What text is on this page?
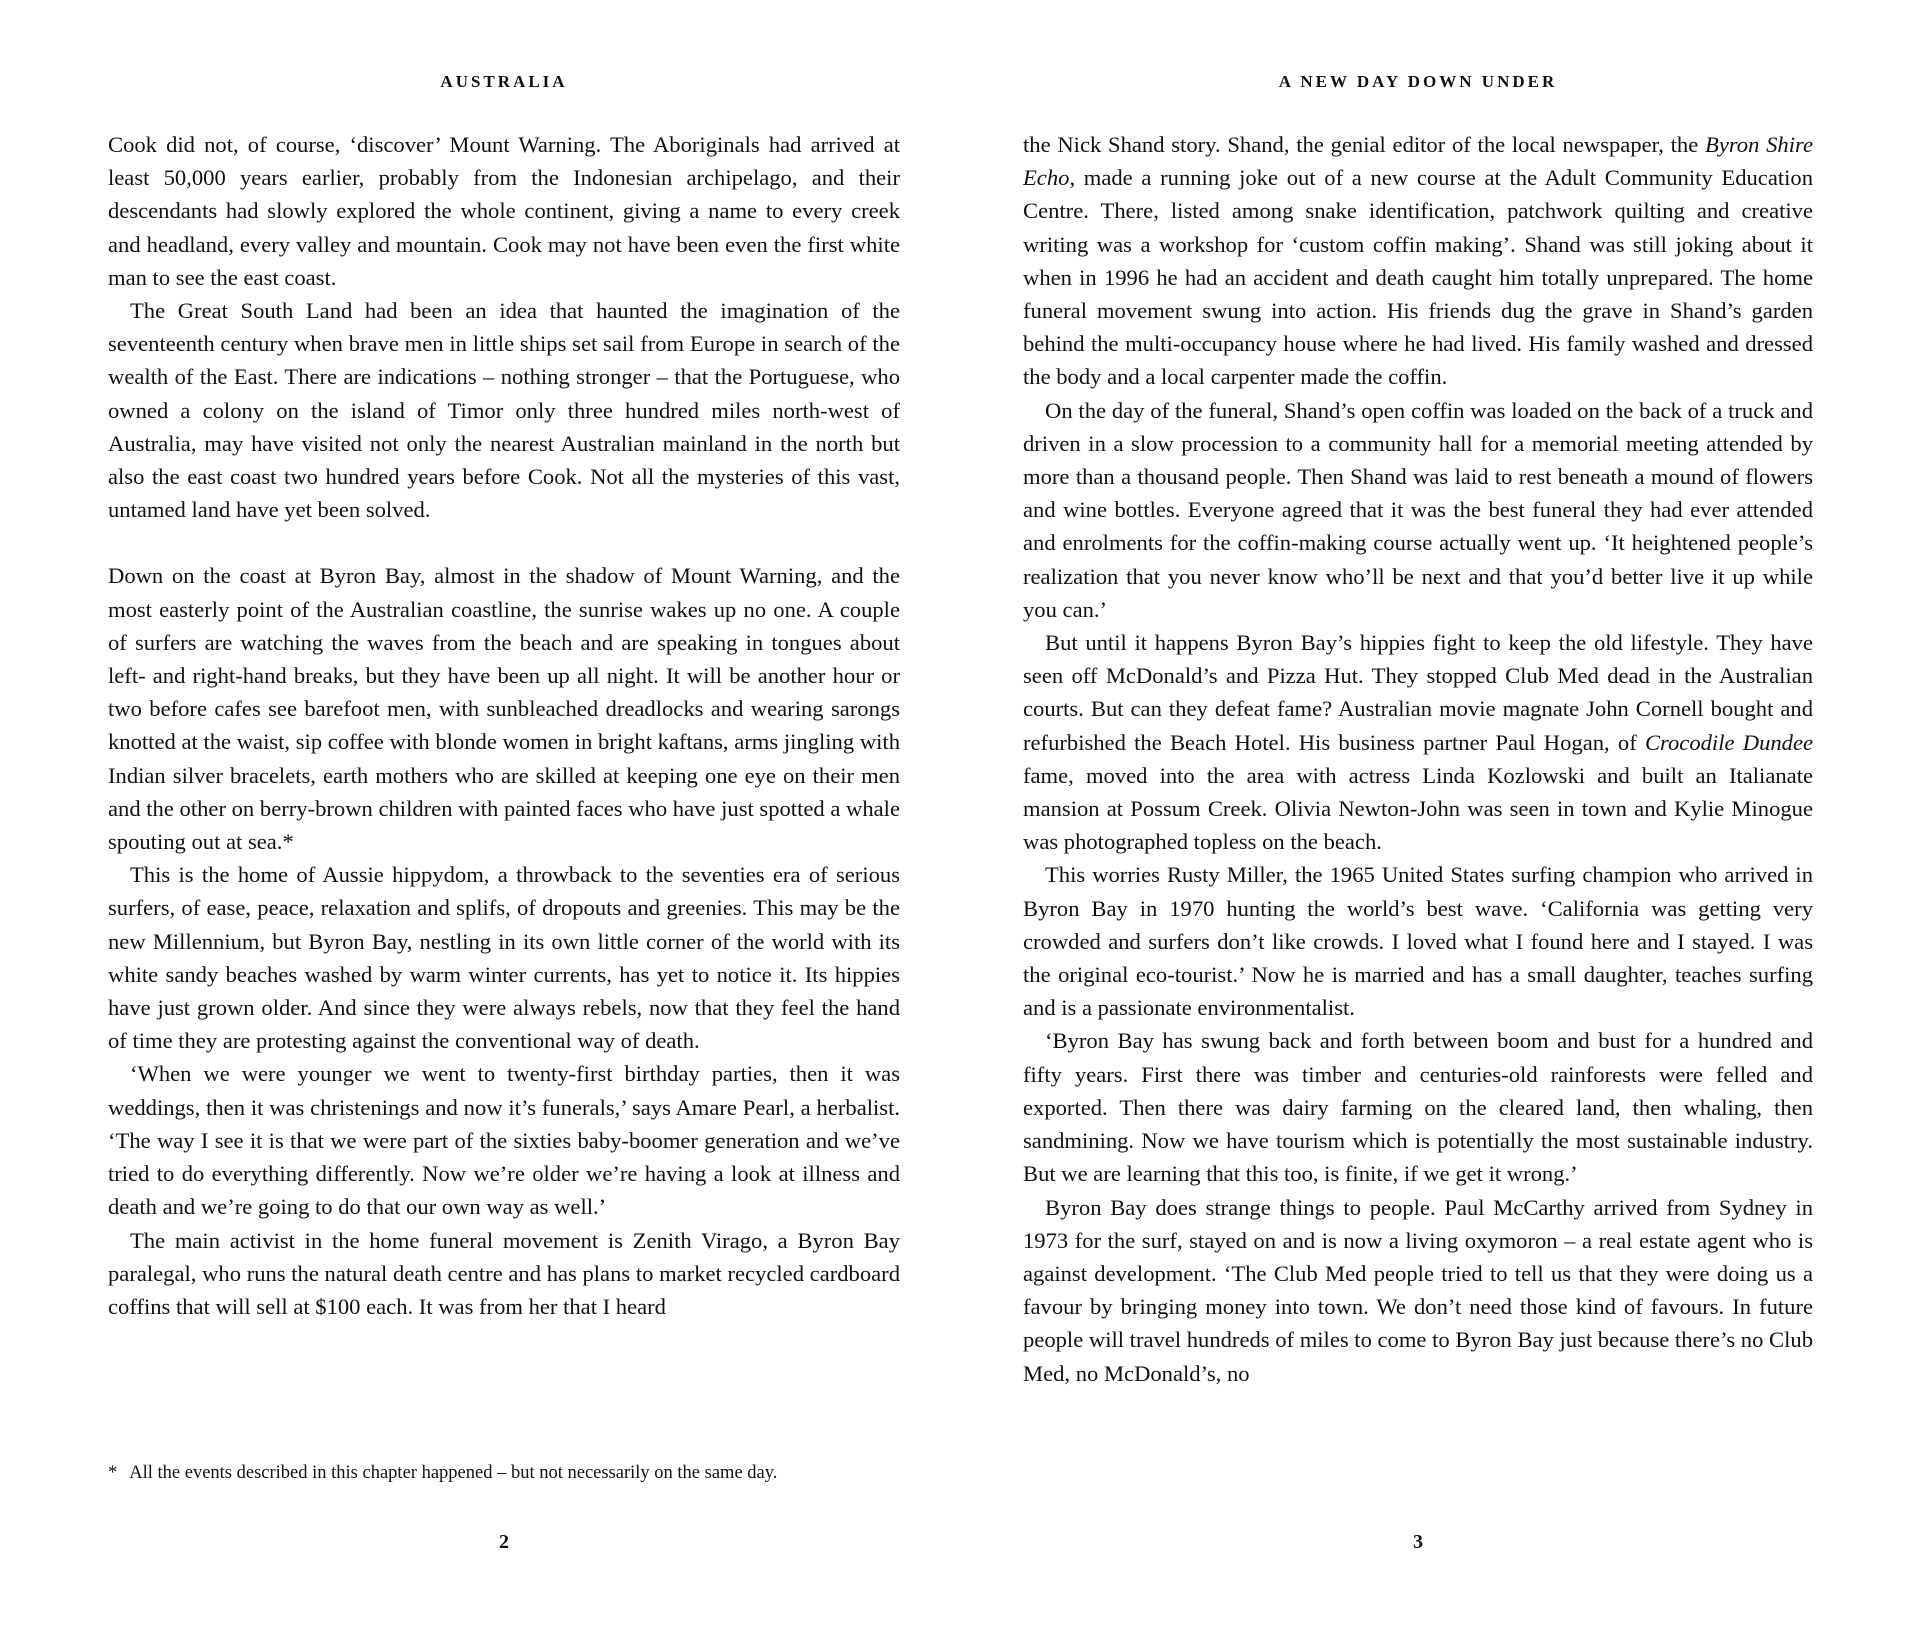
AUSTRALIA

Cook did not, of course, ‘discover’ Mount Warning. The Aboriginals had arrived at least 50,000 years earlier, probably from the Indonesian archipelago, and their descendants had slowly explored the whole continent, giving a name to every creek and headland, every valley and mountain. Cook may not have been even the first white man to see the east coast.

The Great South Land had been an idea that haunted the imagination of the seventeenth century when brave men in little ships set sail from Europe in search of the wealth of the East. There are indications – nothing stronger – that the Portuguese, who owned a colony on the island of Timor only three hundred miles north-west of Australia, may have visited not only the nearest Australian mainland in the north but also the east coast two hundred years before Cook. Not all the mysteries of this vast, untamed land have yet been solved.

Down on the coast at Byron Bay, almost in the shadow of Mount Warning, and the most easterly point of the Australian coastline, the sunrise wakes up no one. A couple of surfers are watching the waves from the beach and are speaking in tongues about left- and right-hand breaks, but they have been up all night. It will be another hour or two before cafes see barefoot men, with sunbleached dreadlocks and wearing sarongs knotted at the waist, sip coffee with blonde women in bright kaftans, arms jingling with Indian silver bracelets, earth mothers who are skilled at keeping one eye on their men and the other on berry-brown children with painted faces who have just spotted a whale spouting out at sea.*

This is the home of Aussie hippydom, a throwback to the seventies era of serious surfers, of ease, peace, relaxation and splifs, of dropouts and greenies. This may be the new Millennium, but Byron Bay, nestling in its own little corner of the world with its white sandy beaches washed by warm winter currents, has yet to notice it. Its hippies have just grown older. And since they were always rebels, now that they feel the hand of time they are protesting against the conventional way of death.

‘When we were younger we went to twenty-first birthday parties, then it was weddings, then it was christenings and now it’s funerals,’ says Amare Pearl, a herbalist. ‘The way I see it is that we were part of the sixties baby-boomer generation and we’ve tried to do everything differently. Now we’re older we’re having a look at illness and death and we’re going to do that our own way as well.’

The main activist in the home funeral movement is Zenith Virago, a Byron Bay paralegal, who runs the natural death centre and has plans to market recycled cardboard coffins that will sell at $100 each. It was from her that I heard

* All the events described in this chapter happened – but not necessarily on the same day.
2
A NEW DAY DOWN UNDER

the Nick Shand story. Shand, the genial editor of the local newspaper, the Byron Shire Echo, made a running joke out of a new course at the Adult Community Education Centre. There, listed among snake identification, patchwork quilting and creative writing was a workshop for ‘custom coffin making’. Shand was still joking about it when in 1996 he had an accident and death caught him totally unprepared. The home funeral movement swung into action. His friends dug the grave in Shand’s garden behind the multi-occupancy house where he had lived. His family washed and dressed the body and a local carpenter made the coffin.

On the day of the funeral, Shand’s open coffin was loaded on the back of a truck and driven in a slow procession to a community hall for a memorial meeting attended by more than a thousand people. Then Shand was laid to rest beneath a mound of flowers and wine bottles. Everyone agreed that it was the best funeral they had ever attended and enrolments for the coffin-making course actually went up. ‘It heightened people’s realization that you never know who’ll be next and that you’d better live it up while you can.’

But until it happens Byron Bay’s hippies fight to keep the old lifestyle. They have seen off McDonald’s and Pizza Hut. They stopped Club Med dead in the Australian courts. But can they defeat fame? Australian movie magnate John Cornell bought and refurbished the Beach Hotel. His business partner Paul Hogan, of Crocodile Dundee fame, moved into the area with actress Linda Kozlowski and built an Italianate mansion at Possum Creek. Olivia Newton-John was seen in town and Kylie Minogue was photographed topless on the beach.

This worries Rusty Miller, the 1965 United States surfing champion who arrived in Byron Bay in 1970 hunting the world’s best wave. ‘California was getting very crowded and surfers don’t like crowds. I loved what I found here and I stayed. I was the original eco-tourist.’ Now he is married and has a small daughter, teaches surfing and is a passionate environmentalist.

‘Byron Bay has swung back and forth between boom and bust for a hundred and fifty years. First there was timber and centuries-old rainforests were felled and exported. Then there was dairy farming on the cleared land, then whaling, then sandmining. Now we have tourism which is potentially the most sustainable industry. But we are learning that this too, is finite, if we get it wrong.’

Byron Bay does strange things to people. Paul McCarthy arrived from Sydney in 1973 for the surf, stayed on and is now a living oxymoron – a real estate agent who is against development. ‘The Club Med people tried to tell us that they were doing us a favour by bringing money into town. We don’t need those kind of favours. In future people will travel hundreds of miles to come to Byron Bay just because there’s no Club Med, no McDonald’s, no

3
